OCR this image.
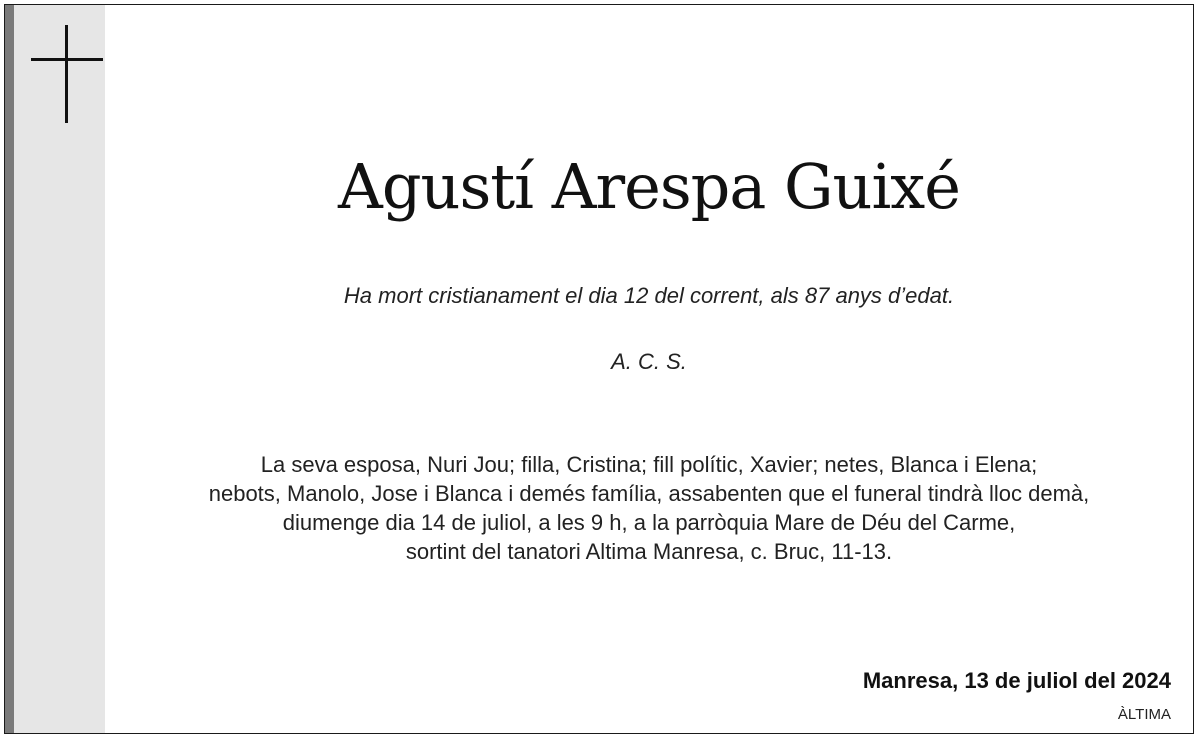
Agustí Arespa Guixé

Ha mort cristianament el dia 12 del corrent, als 87 anys d’edat.

A. C. S.

La seva esposa, Nuri Jou; filla, Cristina; fill polític, Xavier; netes, Blanca i Elena;
nebots, Manolo, Jose i Blanca i demés família, assabenten que el funeral tindrà lloc demà,
diumenge dia 14 de juliol, a les 9 h, a la parròquia Mare de Déu del Carme,
sortint del tanatori Altima Manresa, c. Bruc, 11-13.

Manresa, 13 de juliol del 2024

ÀLTIMA
